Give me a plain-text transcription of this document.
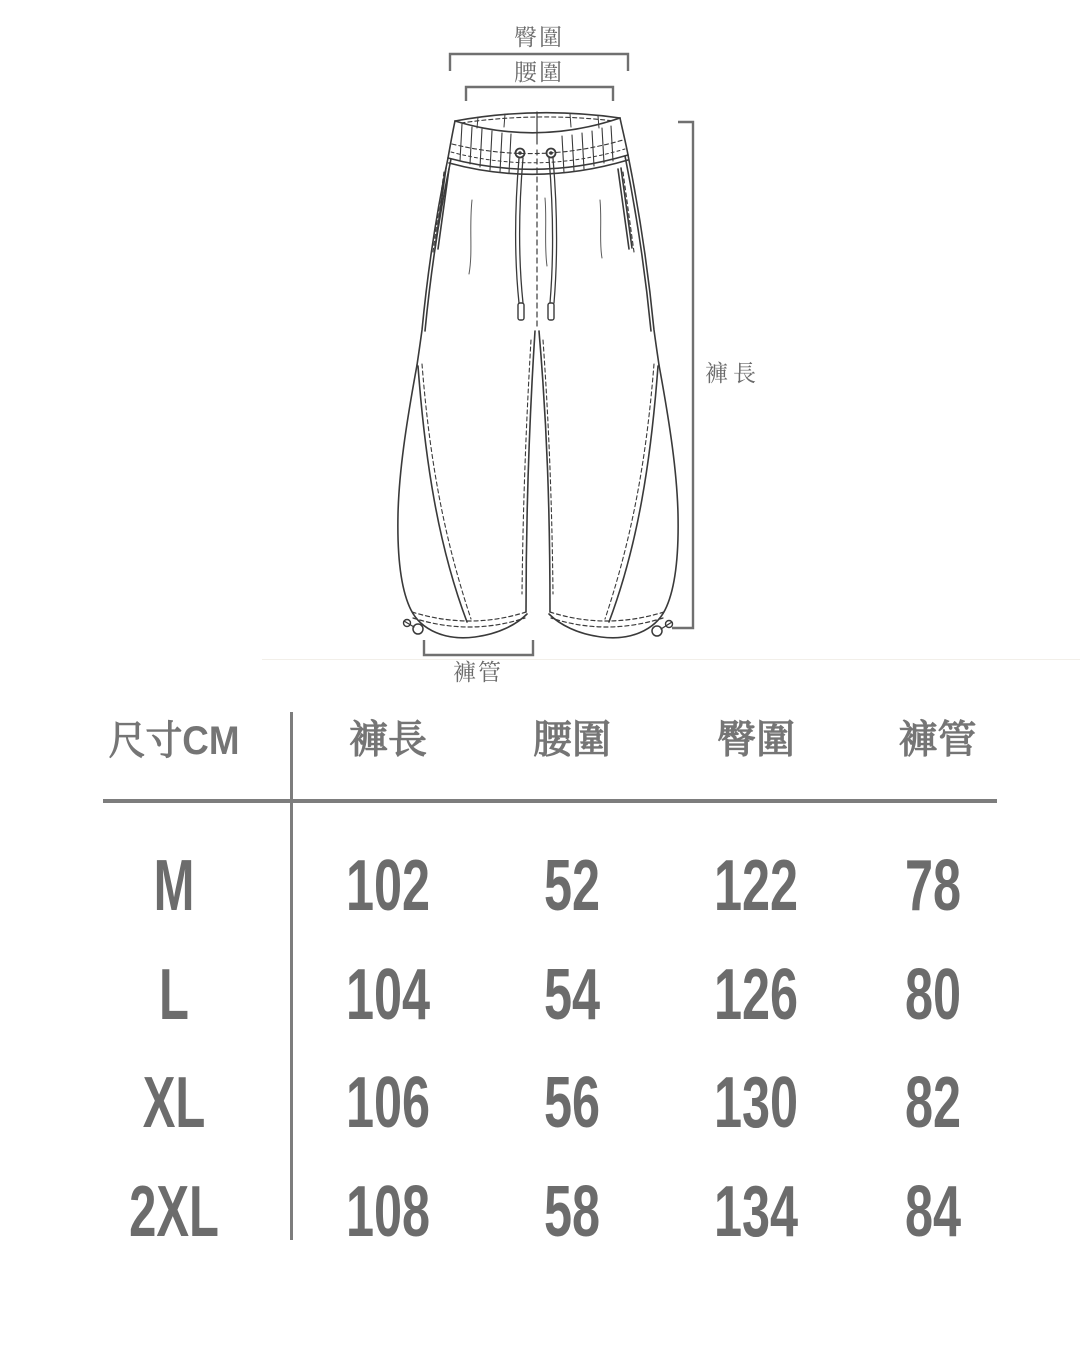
臀圍
腰圍
褲長
褲管
尺寸CM	褲長	腰圍	臀圍	褲管
M	102	52	122	78
L	104	54	126	80
XL	106	56	130	82
2XL	108	58	134	84
